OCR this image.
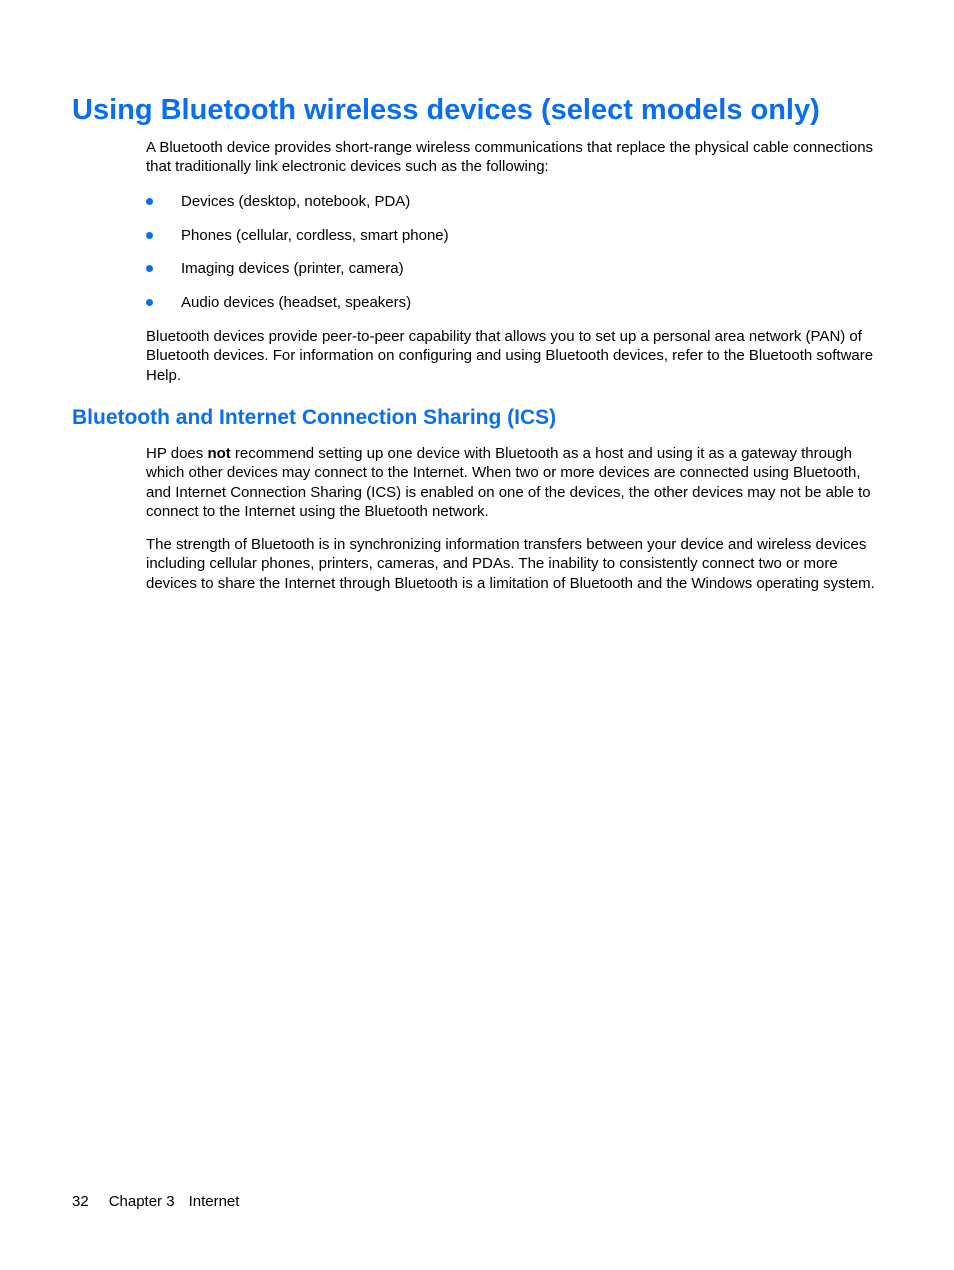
Using Bluetooth wireless devices (select models only)

A Bluetooth device provides short-range wireless communications that replace the physical cable connections that traditionally link electronic devices such as the following:

Devices (desktop, notebook, PDA)
Phones (cellular, cordless, smart phone)
Imaging devices (printer, camera)
Audio devices (headset, speakers)

Bluetooth devices provide peer-to-peer capability that allows you to set up a personal area network (PAN) of Bluetooth devices. For information on configuring and using Bluetooth devices, refer to the Bluetooth software Help.

Bluetooth and Internet Connection Sharing (ICS)

HP does not recommend setting up one device with Bluetooth as a host and using it as a gateway through which other devices may connect to the Internet. When two or more devices are connected using Bluetooth, and Internet Connection Sharing (ICS) is enabled on one of the devices, the other devices may not be able to connect to the Internet using the Bluetooth network.

The strength of Bluetooth is in synchronizing information transfers between your device and wireless devices including cellular phones, printers, cameras, and PDAs. The inability to consistently connect two or more devices to share the Internet through Bluetooth is a limitation of Bluetooth and the Windows operating system.

32 Chapter 3 Internet
